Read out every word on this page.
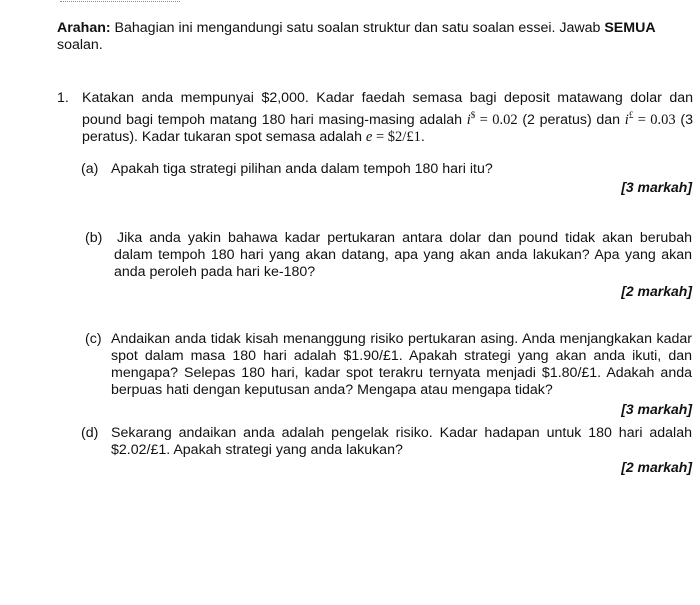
Arahan: Bahagian ini mengandungi satu soalan struktur dan satu soalan essei. Jawab SEMUA soalan.
1. Katakan anda mempunyai $2,000. Kadar faedah semasa bagi deposit matawang dolar dan pound bagi tempoh matang 180 hari masing-masing adalah i$ = 0.02 (2 peratus) dan i£ = 0.03 (3 peratus). Kadar tukaran spot semasa adalah e = $2/£1.
(a) Apakah tiga strategi pilihan anda dalam tempoh 180 hari itu?
[3 markah]
(b) Jika anda yakin bahawa kadar pertukaran antara dolar dan pound tidak akan berubah dalam tempoh 180 hari yang akan datang, apa yang akan anda lakukan? Apa yang akan anda peroleh pada hari ke-180?
[2 markah]
(c) Andaikan anda tidak kisah menanggung risiko pertukaran asing. Anda menjangkakan kadar spot dalam masa 180 hari adalah $1.90/£1. Apakah strategi yang akan anda ikuti, dan mengapa? Selepas 180 hari, kadar spot terakru ternyata menjadi $1.80/£1. Adakah anda berpuas hati dengan keputusan anda? Mengapa atau mengapa tidak?
[3 markah]
(d) Sekarang andaikan anda adalah pengelak risiko. Kadar hadapan untuk 180 hari adalah $2.02/£1. Apakah strategi yang anda lakukan?
[2 markah]
